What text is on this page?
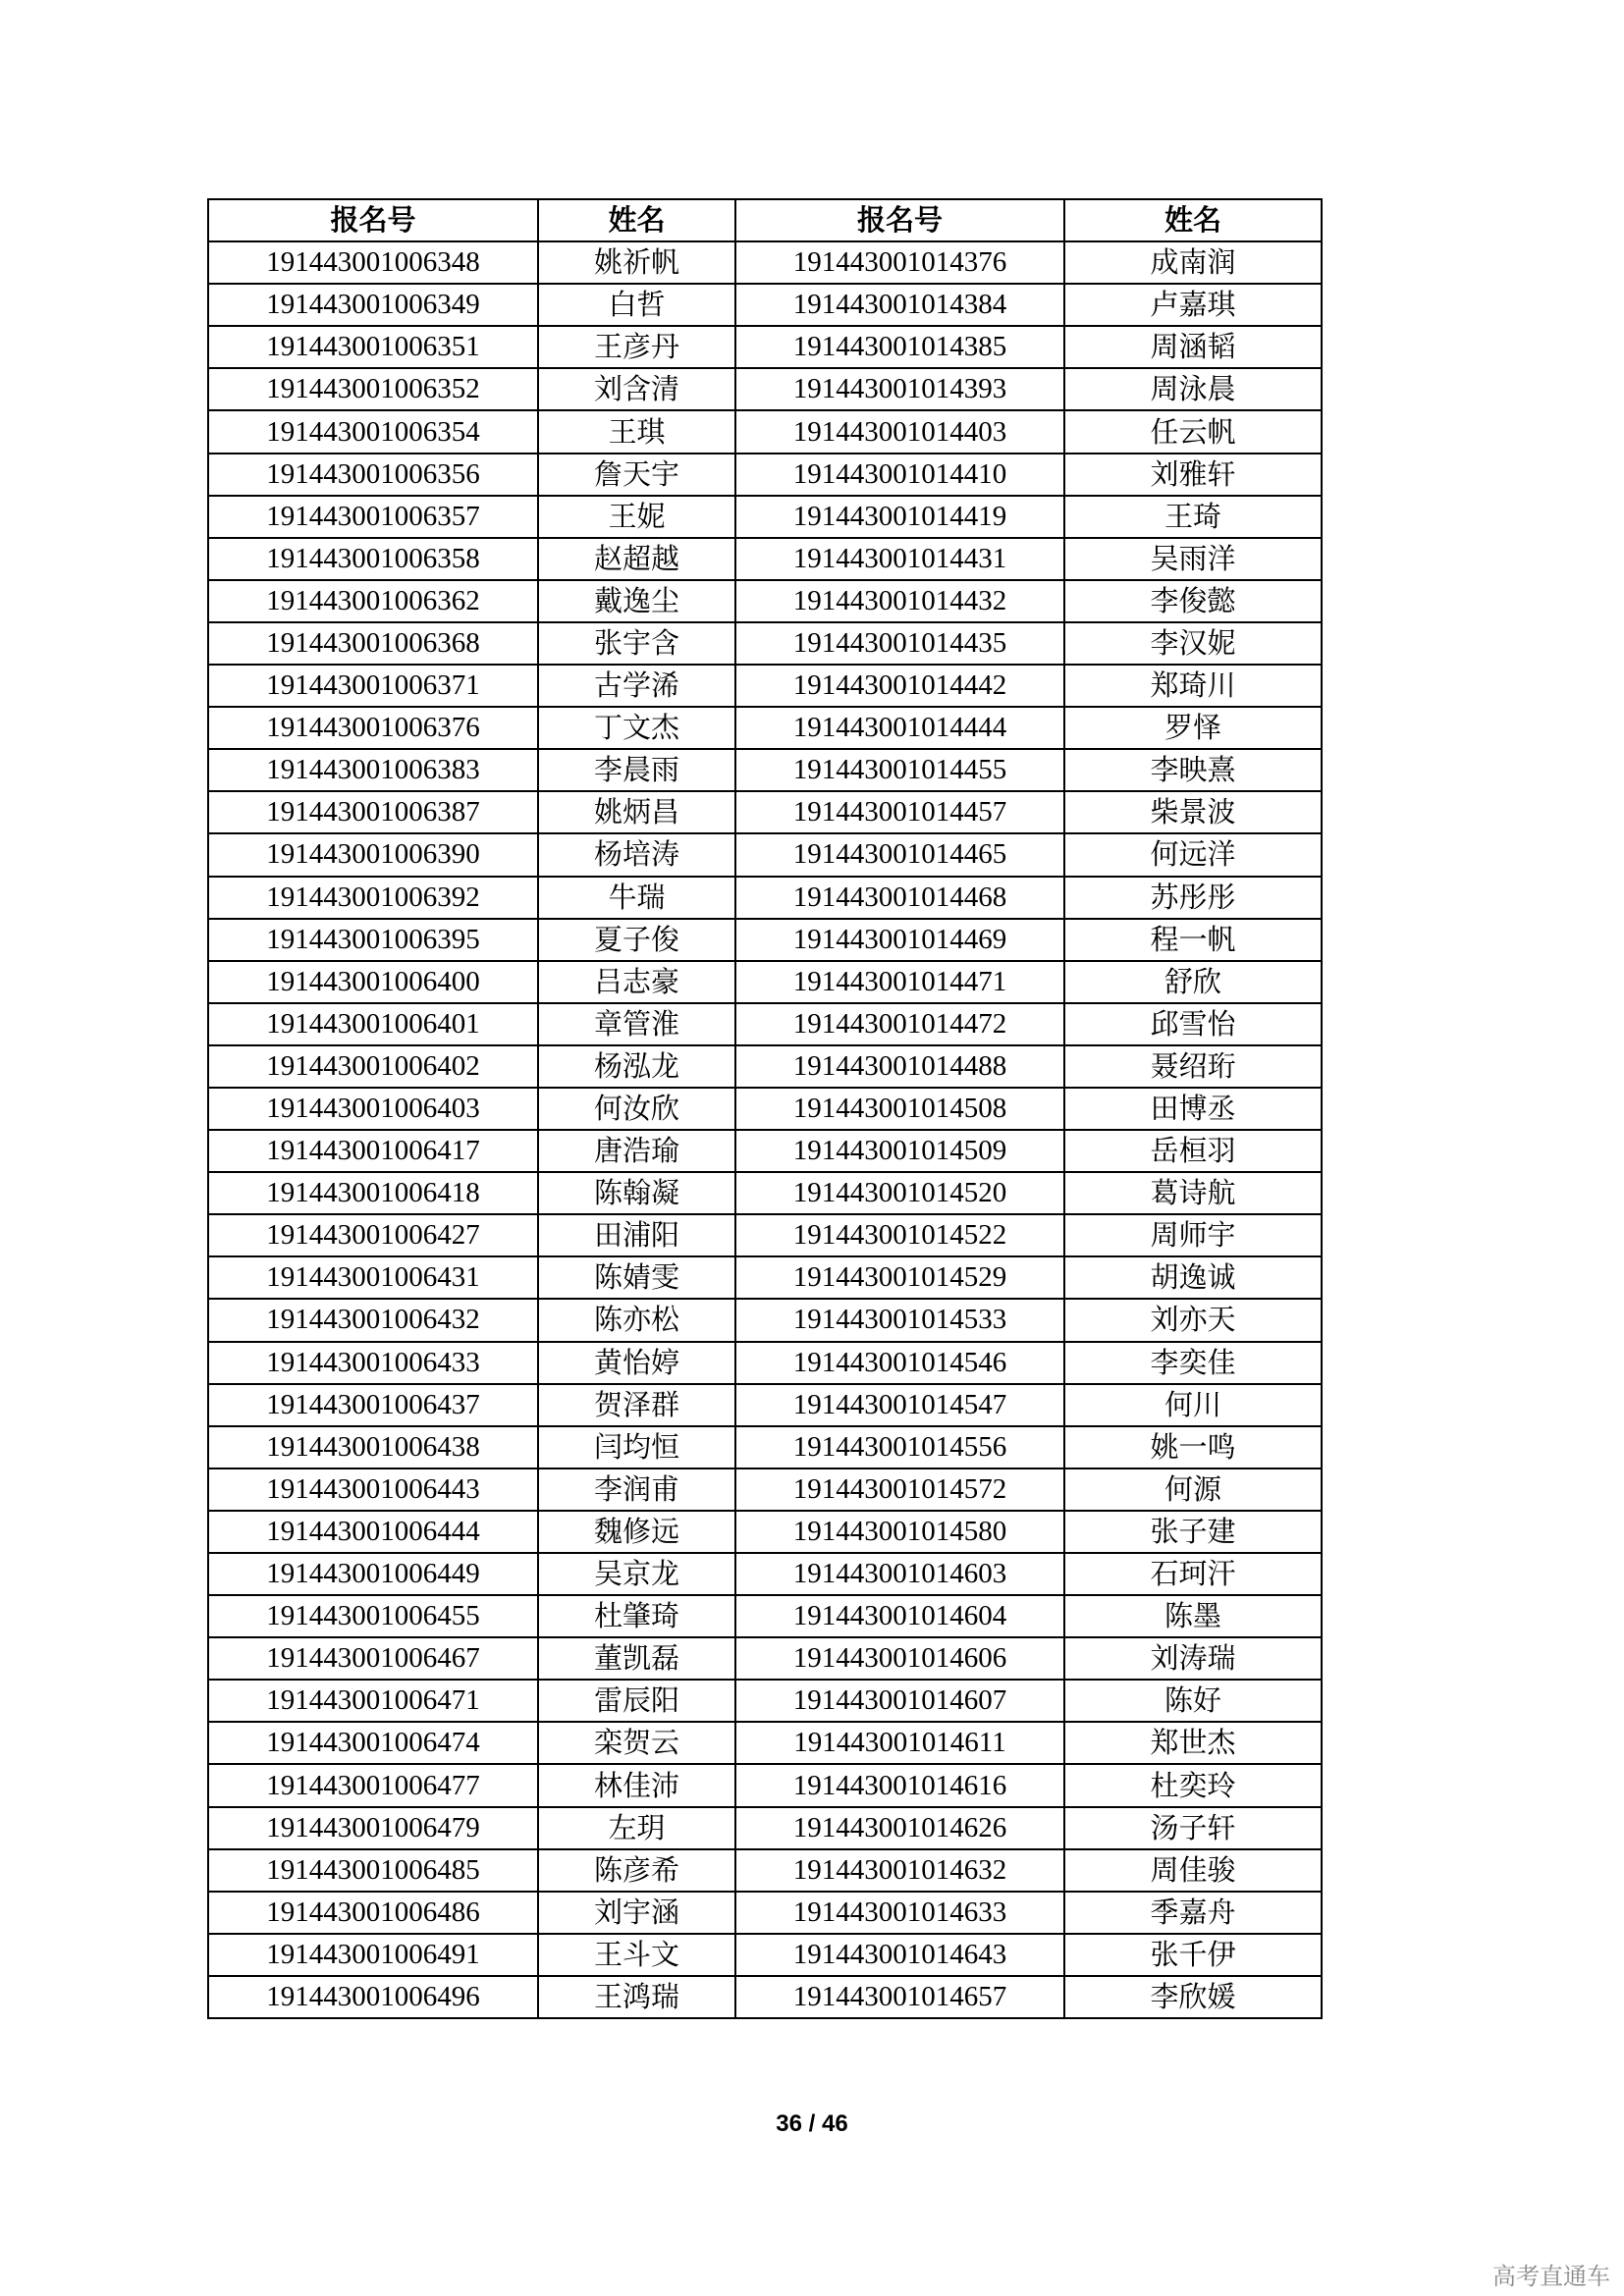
报名号	姓名	报名号	姓名
191443001006348	姚祈帆	191443001014376	成南润
191443001006349	白哲	191443001014384	卢嘉琪
191443001006351	王彦丹	191443001014385	周涵韬
191443001006352	刘含清	191443001014393	周泳晨
191443001006354	王琪	191443001014403	任云帆
191443001006356	詹天宇	191443001014410	刘雅轩
191443001006357	王妮	191443001014419	王琦
191443001006358	赵超越	191443001014431	吴雨洋
191443001006362	戴逸尘	191443001014432	李俊懿
191443001006368	张宇含	191443001014435	李汉妮
191443001006371	古学浠	191443001014442	郑琦川
191443001006376	丁文杰	191443001014444	罗怿
191443001006383	李晨雨	191443001014455	李映熹
191443001006387	姚炳昌	191443001014457	柴景波
191443001006390	杨培涛	191443001014465	何远洋
191443001006392	牛瑞	191443001014468	苏彤彤
191443001006395	夏子俊	191443001014469	程一帆
191443001006400	吕志豪	191443001014471	舒欣
191443001006401	章管淮	191443001014472	邱雪怡
191443001006402	杨泓龙	191443001014488	聂绍珩
191443001006403	何汝欣	191443001014508	田博丞
191443001006417	唐浩瑜	191443001014509	岳桓羽
191443001006418	陈翰凝	191443001014520	葛诗航
191443001006427	田浦阳	191443001014522	周师宇
191443001006431	陈婧雯	191443001014529	胡逸诚
191443001006432	陈亦松	191443001014533	刘亦天
191443001006433	黄怡婷	191443001014546	李奕佳
191443001006437	贺泽群	191443001014547	何川
191443001006438	闫均恒	191443001014556	姚一鸣
191443001006443	李润甫	191443001014572	何源
191443001006444	魏修远	191443001014580	张子建
191443001006449	吴京龙	191443001014603	石珂汗
191443001006455	杜肇琦	191443001014604	陈墨
191443001006467	董凯磊	191443001014606	刘涛瑞
191443001006471	雷辰阳	191443001014607	陈好
191443001006474	栾贺云	191443001014611	郑世杰
191443001006477	林佳沛	191443001014616	杜奕玲
191443001006479	左玥	191443001014626	汤子轩
191443001006485	陈彦希	191443001014632	周佳骏
191443001006486	刘宇涵	191443001014633	季嘉舟
191443001006491	王斗文	191443001014643	张千伊
191443001006496	王鸿瑞	191443001014657	李欣媛
36 / 46
高考直通车
